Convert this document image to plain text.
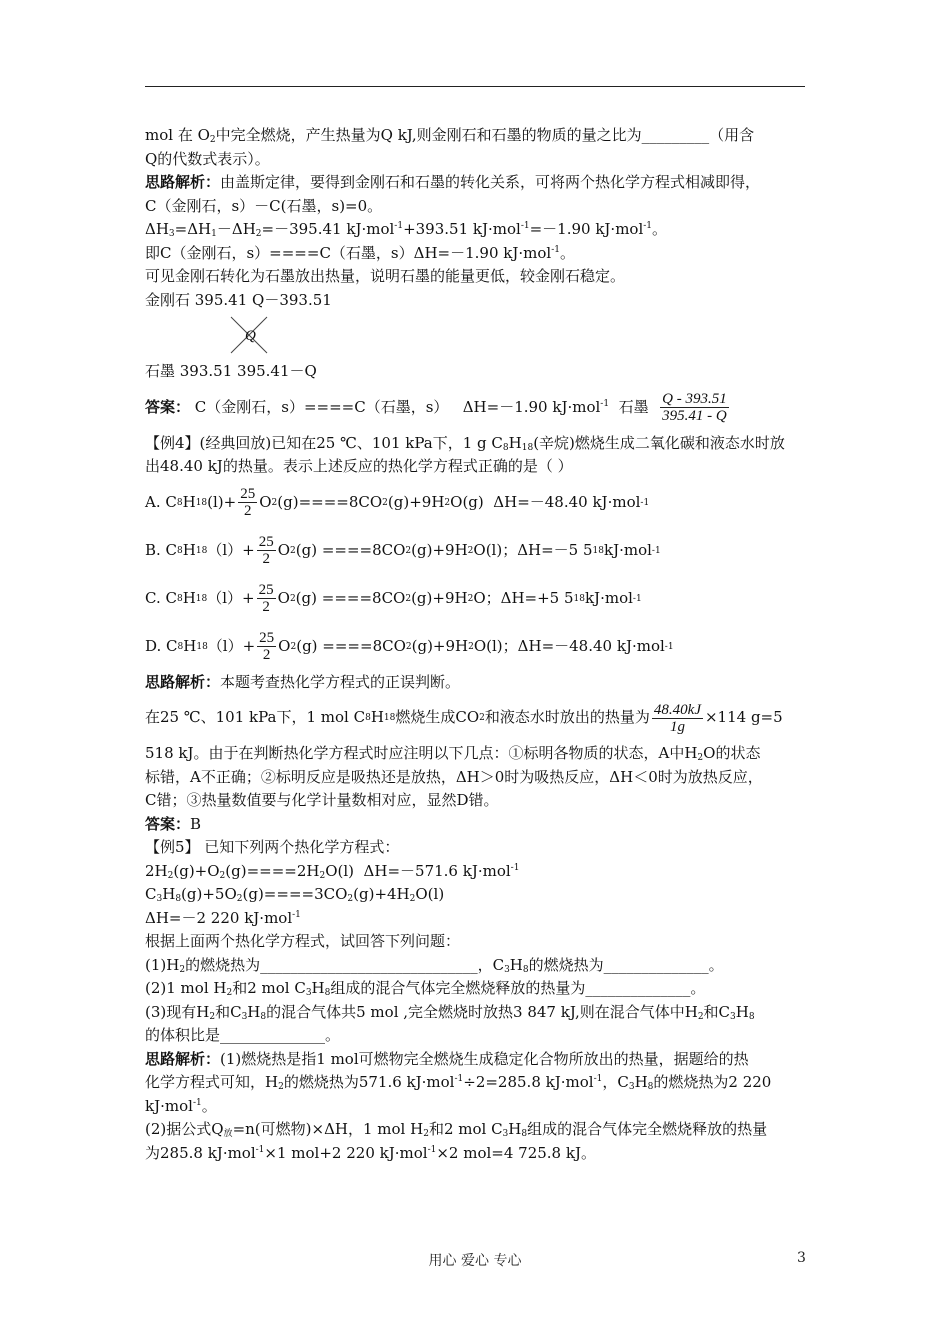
mol 在 $O_2$中完全燃烧，产生热量为Q kJ,则金刚石和石墨的物质的量之比为_________（用含
Q的代数式表示）。
思路解析：由盖斯定律，要得到金刚石和石墨的转化关系，可将两个热化学方程式相减即得，
C（金刚石，s）－C(石墨，s)=0。
$\Delta H_3=\Delta H_1-\Delta H_2=-395.41$ kJ·mol$^{-1}$+393.51 kJ·mol$^{-1}$=－1.90 kJ·mol$^{-1}$。
即C（金刚石，s）====C（石墨，s）ΔH=－1.90 kJ·mol$^{-1}$。
可见金刚石转化为石墨放出热量，说明石墨的能量更低，较金刚石稳定。
金刚石 395.41 Q－393.51
Q
石墨 393.51 395.41－Q
答案： C（金刚石，s）====C（石墨，s）   ΔH=－1.90 kJ·mol$^{-1}$  石墨 $\frac{Q - 393.51}{395.41 - Q}$
【例4】(经典回放)已知在25 ℃、101 kPa下，1 g $C_8H_{18}$(辛烷)燃烧生成二氧化碳和液态水时放
出48.40 kJ的热量。表示上述反应的热化学方程式正确的是（ ）
A. C 8 H 18 $(l)+ \frac{25}{2}$ O 2 (g)====8CO 2 (g)+9H 2 O(g)  ΔH=－48.40 kJ·mol -1
B. C 8 H 18 $(l)+ \frac{25}{2}$ O 2 (g) ====8CO 2 (g)+9H 2 O(l)；ΔH=－5 5 18 kJ·mol -1
C. C 8 H 18 $(l)+ \frac{25}{2}$ O 2 (g) ====8CO 2 (g)+9H 2 O；ΔH=+5 5 18 kJ·mol -1
D. C 8 H 18 $(l)+ \frac{25}{2}$ O 2 (g) ====8CO 2 (g)+9H 2 O(l)；ΔH=－48.40 kJ·mol -1
思路解析：本题考查热化学方程式的正误判断。
在25 ℃、101 kPa下，1 mol C 8 H 18 燃烧生成CO 2 和液态水时放出的热量为 $\frac{48.40kJ}{1g} \times 114$ g=5
518 kJ。由于在判断热化学方程式时应注明以下几点：①标明各物质的状态，A中$H_2O$的状态
标错，A不正确；②标明反应是吸热还是放热，ΔH＞0时为吸热反应，ΔH＜0时为放热反应，
C错；③热量数值要与化学计量数相对应，显然D错。
答案：B
【例5】 已知下列两个热化学方程式：
$2H_2(g)+O_2(g)====2H_2O(l)$  ΔH=－571.6 kJ·mol$^{-1}$
$C_3H_8(g)+5O_2(g)====3CO_2(g)+4H_2O(l)$
ΔH=－2 220 kJ·mol$^{-1}$
根据上面两个热化学方程式，试回答下列问题：
$(1)H_2$的燃烧热为_____________________________，$C_3H_8$的燃烧热为______________。
(2)1 mol $H_2$和2 mol $C_3H_8$组成的混合气体完全燃烧释放的热量为______________。
(3)现有$H_2$和$C_3H_8$的混合气体共5 mol ,完全燃烧时放热3 847 kJ,则在混合气体中$H_2$和$C_3H_8$
的体积比是______________。
思路解析：(1)燃烧热是指1 mol可燃物完全燃烧生成稳定化合物所放出的热量，据题给的热
化学方程式可知，$H_2$的燃烧热为571.6 kJ·mol$^{-1}$÷2=285.8 kJ·mol$^{-1}$，$C_3H_8$的燃烧热为2 220
kJ·mol$^{-1}$。
(2)据公式$Q_放=n$(可燃物)×ΔH，1 mol $H_2$和2 mol $C_3H_8$组成的混合气体完全燃烧释放的热量
为285.8 kJ·mol$^{-1}$×1 mol+2 220 kJ·mol$^{-1}$×2 mol=4 725.8 kJ。
用心 爱心 专心	3
